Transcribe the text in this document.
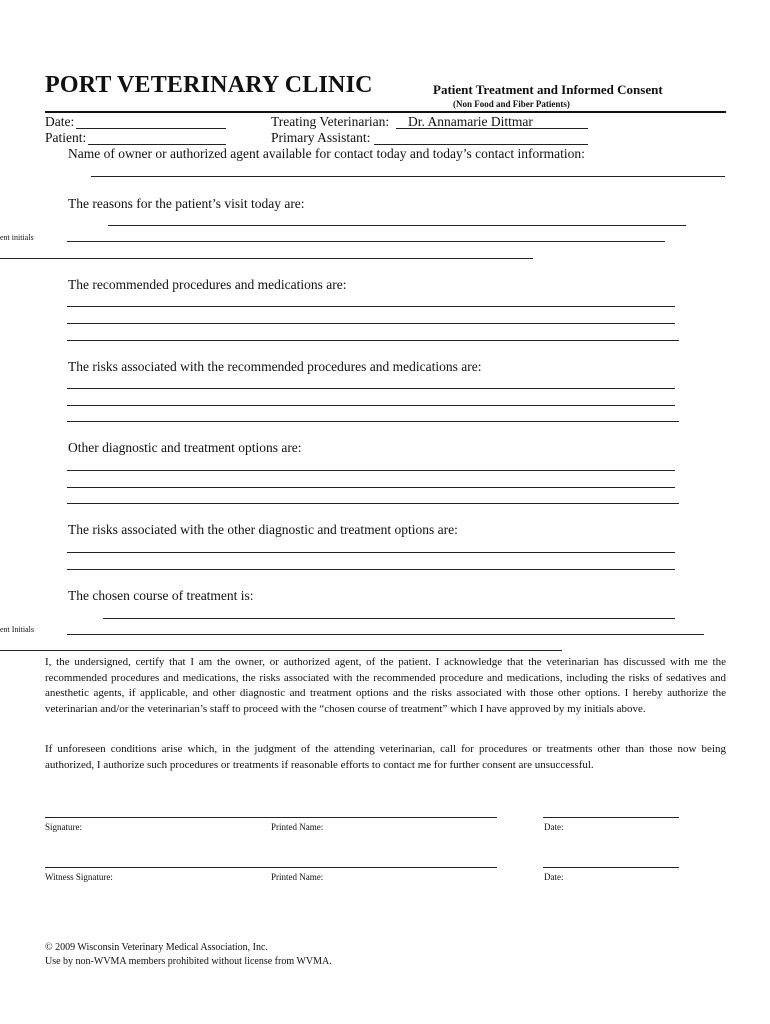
PORT VETERINARY CLINIC	Patient Treatment and Informed Consent
(Non Food and Fiber Patients)
Date:
Patient:
Treating Veterinarian: Dr. Annamarie Dittmar
Primary Assistant:
Name of owner or authorized agent available for contact today and today’s contact information:
The reasons for the patient’s visit today are:
ent initials
The recommended procedures and medications are:
The risks associated with the recommended procedures and medications are:
Other diagnostic and treatment options are:
The risks associated with the other diagnostic and treatment options are:
The chosen course of treatment is:
ent Initials
I, the undersigned, certify that I am the owner, or authorized agent, of the patient. I acknowledge that the veterinarian has discussed with me the recommended procedures and medications, the risks associated with the recommended procedure and medications, including the risks of sedatives and anesthetic agents, if applicable, and other diagnostic and treatment options and the risks associated with those other options. I hereby authorize the veterinarian and/or the veterinarian’s staff to proceed with the “chosen course of treatment” which I have approved by my initials above.
If unforeseen conditions arise which, in the judgment of the attending veterinarian, call for procedures or treatments other than those now being authorized, I authorize such procedures or treatments if reasonable efforts to contact me for further consent are unsuccessful.
Signature:	Printed Name:	Date:
Witness Signature:	Printed Name:	Date:
© 2009 Wisconsin Veterinary Medical Association, Inc.
Use by non-WVMA members prohibited without license from WVMA.
